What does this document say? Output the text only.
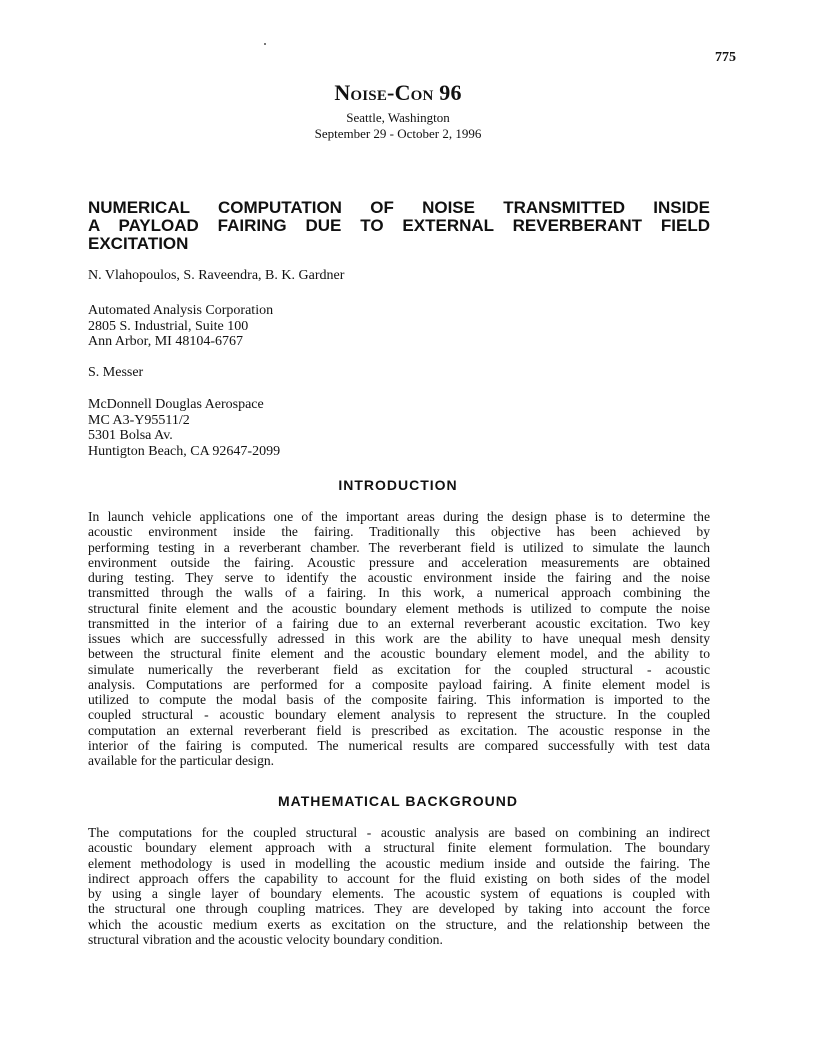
775
Noise-Con 96
Seattle, Washington
September 29 - October 2, 1996
NUMERICAL COMPUTATION OF NOISE TRANSMITTED INSIDE
A PAYLOAD FAIRING DUE TO EXTERNAL REVERBERANT FIELD
EXCITATION
N. Vlahopoulos, S. Raveendra, B. K. Gardner
Automated Analysis Corporation
2805 S. Industrial, Suite 100
Ann Arbor, MI 48104-6767
S. Messer
McDonnell Douglas Aerospace
MC A3-Y95511/2
5301 Bolsa Av.
Huntigton Beach, CA 92647-2099
INTRODUCTION
In launch vehicle applications one of the important areas during the design phase is to determine the
acoustic environment inside the fairing. Traditionally this objective has been achieved by
performing testing in a reverberant chamber. The reverberant field is utilized to simulate the launch
environment outside the fairing. Acoustic pressure and acceleration measurements are obtained
during testing. They serve to identify the acoustic environment inside the fairing and the noise
transmitted through the walls of a fairing. In this work, a numerical approach combining the
structural finite element and the acoustic boundary element methods is utilized to compute the noise
transmitted in the interior of a fairing due to an external reverberant acoustic excitation. Two key
issues which are successfully adressed in this work are the ability to have unequal mesh density
between the structural finite element and the acoustic boundary element model, and the ability to
simulate numerically the reverberant field as excitation for the coupled structural - acoustic
analysis. Computations are performed for a composite payload fairing. A finite element model is
utilized to compute the modal basis of the composite fairing. This information is imported to the
coupled structural - acoustic boundary element analysis to represent the structure. In the coupled
computation an external reverberant field is prescribed as excitation. The acoustic response in the
interior of the fairing is computed. The numerical results are compared successfully with test data
available for the particular design.
MATHEMATICAL BACKGROUND
The computations for the coupled structural - acoustic analysis are based on combining an indirect
acoustic boundary element approach with a structural finite element formulation. The boundary
element methodology is used in modelling the acoustic medium inside and outside the fairing. The
indirect approach offers the capability to account for the fluid existing on both sides of the model
by using a single layer of boundary elements. The acoustic system of equations is coupled with
the structural one through coupling matrices. They are developed by taking into account the force
which the acoustic medium exerts as excitation on the structure, and the relationship between the
structural vibration and the acoustic velocity boundary condition.
